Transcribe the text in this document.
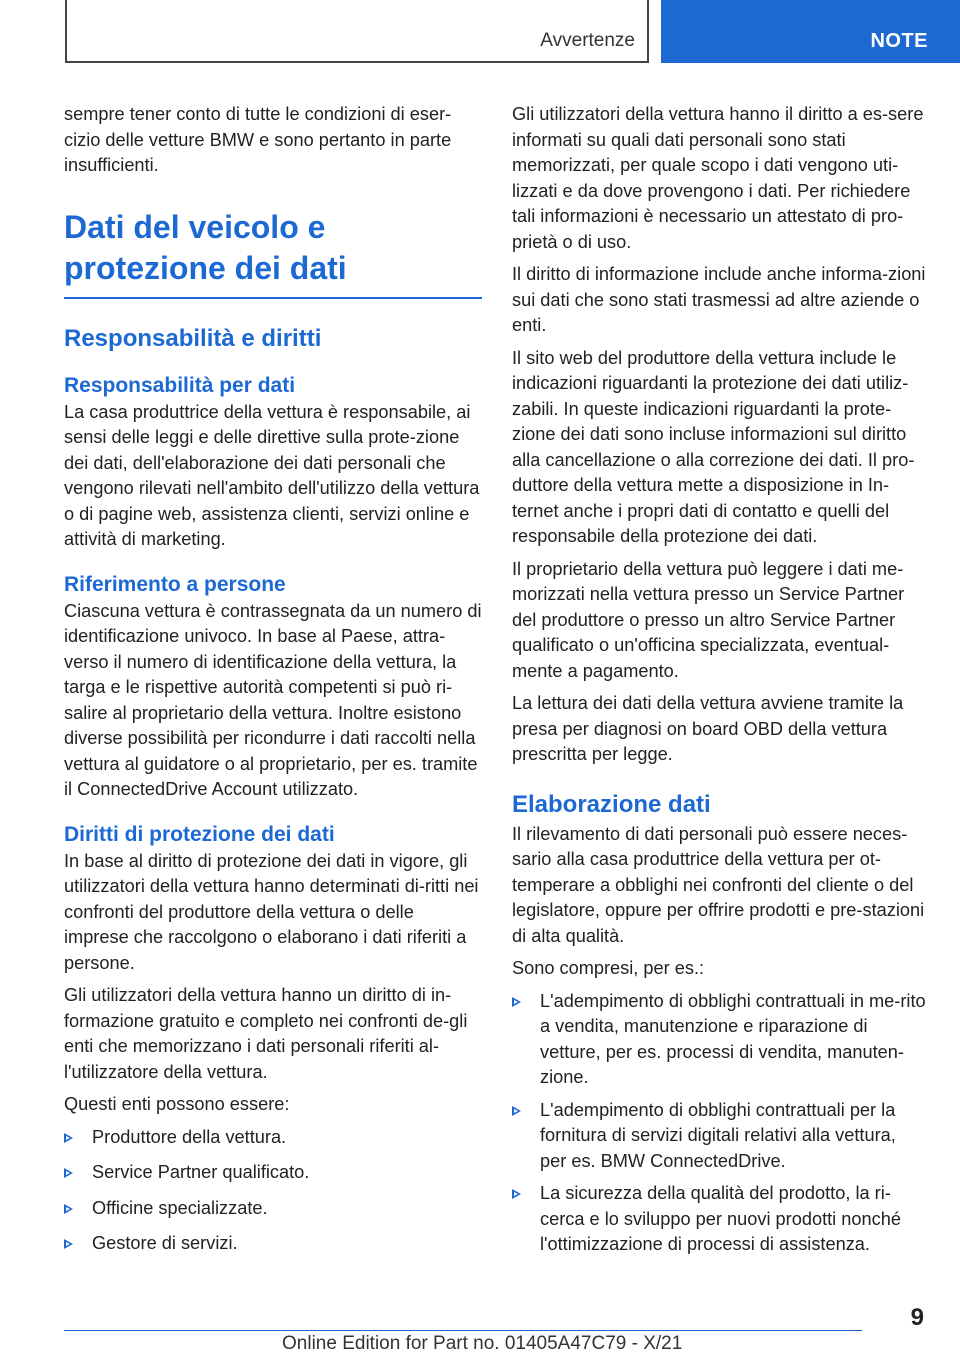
Avvertenze	NOTE

sempre tener conto di tutte le condizioni di eser-cizio delle vetture BMW e sono pertanto in parte insufficienti.

Dati del veicolo e
protezione dei dati
Responsabilità e diritti
Responsabilità per dati

La casa produttrice della vettura è responsabile, ai sensi delle leggi e delle direttive sulla prote-zione dei dati, dell'elaborazione dei dati personali che vengono rilevati nell'ambito dell'utilizzo della vettura o di pagine web, assistenza clienti, servizi online e attività di marketing.

Riferimento a persone

Ciascuna vettura è contrassegnata da un numero di identificazione univoco. In base al Paese, attra-verso il numero di identificazione della vettura, la targa e le rispettive autorità competenti si può ri-salire al proprietario della vettura. Inoltre esistono diverse possibilità per ricondurre i dati raccolti nella vettura al guidatore o al proprietario, per es. tramite il ConnectedDrive Account utilizzato.

Diritti di protezione dei dati

In base al diritto di protezione dei dati in vigore, gli utilizzatori della vettura hanno determinati di-ritti nei confronti del produttore della vettura o delle imprese che raccolgono o elaborano i dati riferiti a persone.

Gli utilizzatori della vettura hanno un diritto di in-formazione gratuito e completo nei confronti de-gli enti che memorizzano i dati personali riferiti al-l'utilizzatore della vettura.

Questi enti possono essere:

Produttore della vettura.
Service Partner qualificato.
Officine specializzate.
Gestore di servizi.

Gli utilizzatori della vettura hanno il diritto a es-sere informati su quali dati personali sono stati memorizzati, per quale scopo i dati vengono uti-lizzati e da dove provengono i dati. Per richiedere tali informazioni è necessario un attestato di pro-prietà o di uso.

Il diritto di informazione include anche informa-zioni sui dati che sono stati trasmessi ad altre aziende o enti.

Il sito web del produttore della vettura include le indicazioni riguardanti la protezione dei dati utiliz-zabili. In queste indicazioni riguardanti la prote-zione dei dati sono incluse informazioni sul diritto alla cancellazione o alla correzione dei dati. Il pro-duttore della vettura mette a disposizione in In-ternet anche i propri dati di contatto e quelli del responsabile della protezione dei dati.

Il proprietario della vettura può leggere i dati me-morizzati nella vettura presso un Service Partner del produttore o presso un altro Service Partner qualificato o un'officina specializzata, eventual-mente a pagamento.

La lettura dei dati della vettura avviene tramite la presa per diagnosi on board OBD della vettura prescritta per legge.

Elaborazione dati

Il rilevamento di dati personali può essere neces-sario alla casa produttrice della vettura per ot-temperare a obblighi nei confronti del cliente o del legislatore, oppure per offrire prodotti e pre-stazioni di alta qualità.

Sono compresi, per es.:

L'adempimento di obblighi contrattuali in me-rito a vendita, manutenzione e riparazione di vetture, per es. processi di vendita, manuten-zione.
L'adempimento di obblighi contrattuali per la fornitura di servizi digitali relativi alla vettura, per es. BMW ConnectedDrive.
La sicurezza della qualità del prodotto, la ri-cerca e lo sviluppo per nuovi prodotti nonché l'ottimizzazione di processi di assistenza.
9
Online Edition for Part no. 01405A47C79 - X/21
